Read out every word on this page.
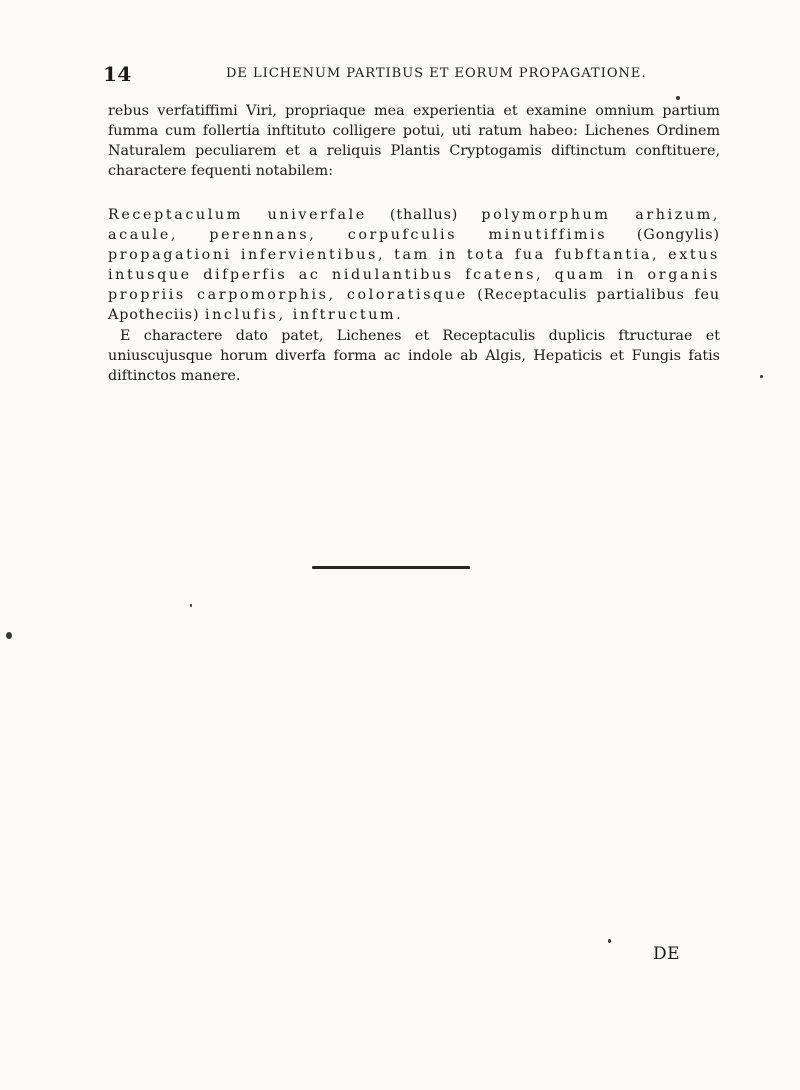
14	DE LICHENUM PARTIBUS ET EORUM PROPAGATIONE.

rebus verfatiffimi Viri, propriaque mea experientia et examine omnium partium fumma cum follertia inftituto colligere potui, uti ratum habeo: Lichenes Ordinem Naturalem peculiarem et a reliquis Plantis Cryptogamis diftinctum conftituere, charactere fequenti notabilem:

Receptaculum univerfale (thallus) polymorphum arhizum, acaule, perennans, corpufculis minutiffimis (Gongylis) propagationi infervientibus, tam in tota fua fubftantia, extus intusque difperfis ac nidulantibus fcatens, quam in organis propriis carpomorphis, coloratisque (Receptaculis partialibus feu Apotheciis) inclufis, inftructum.

E charactere dato patet, Lichenes et Receptaculis duplicis ftructurae et uniuscujusque horum diverfa forma ac indole ab Algis, Hepaticis et Fungis fatis diftinctos manere.

DE
